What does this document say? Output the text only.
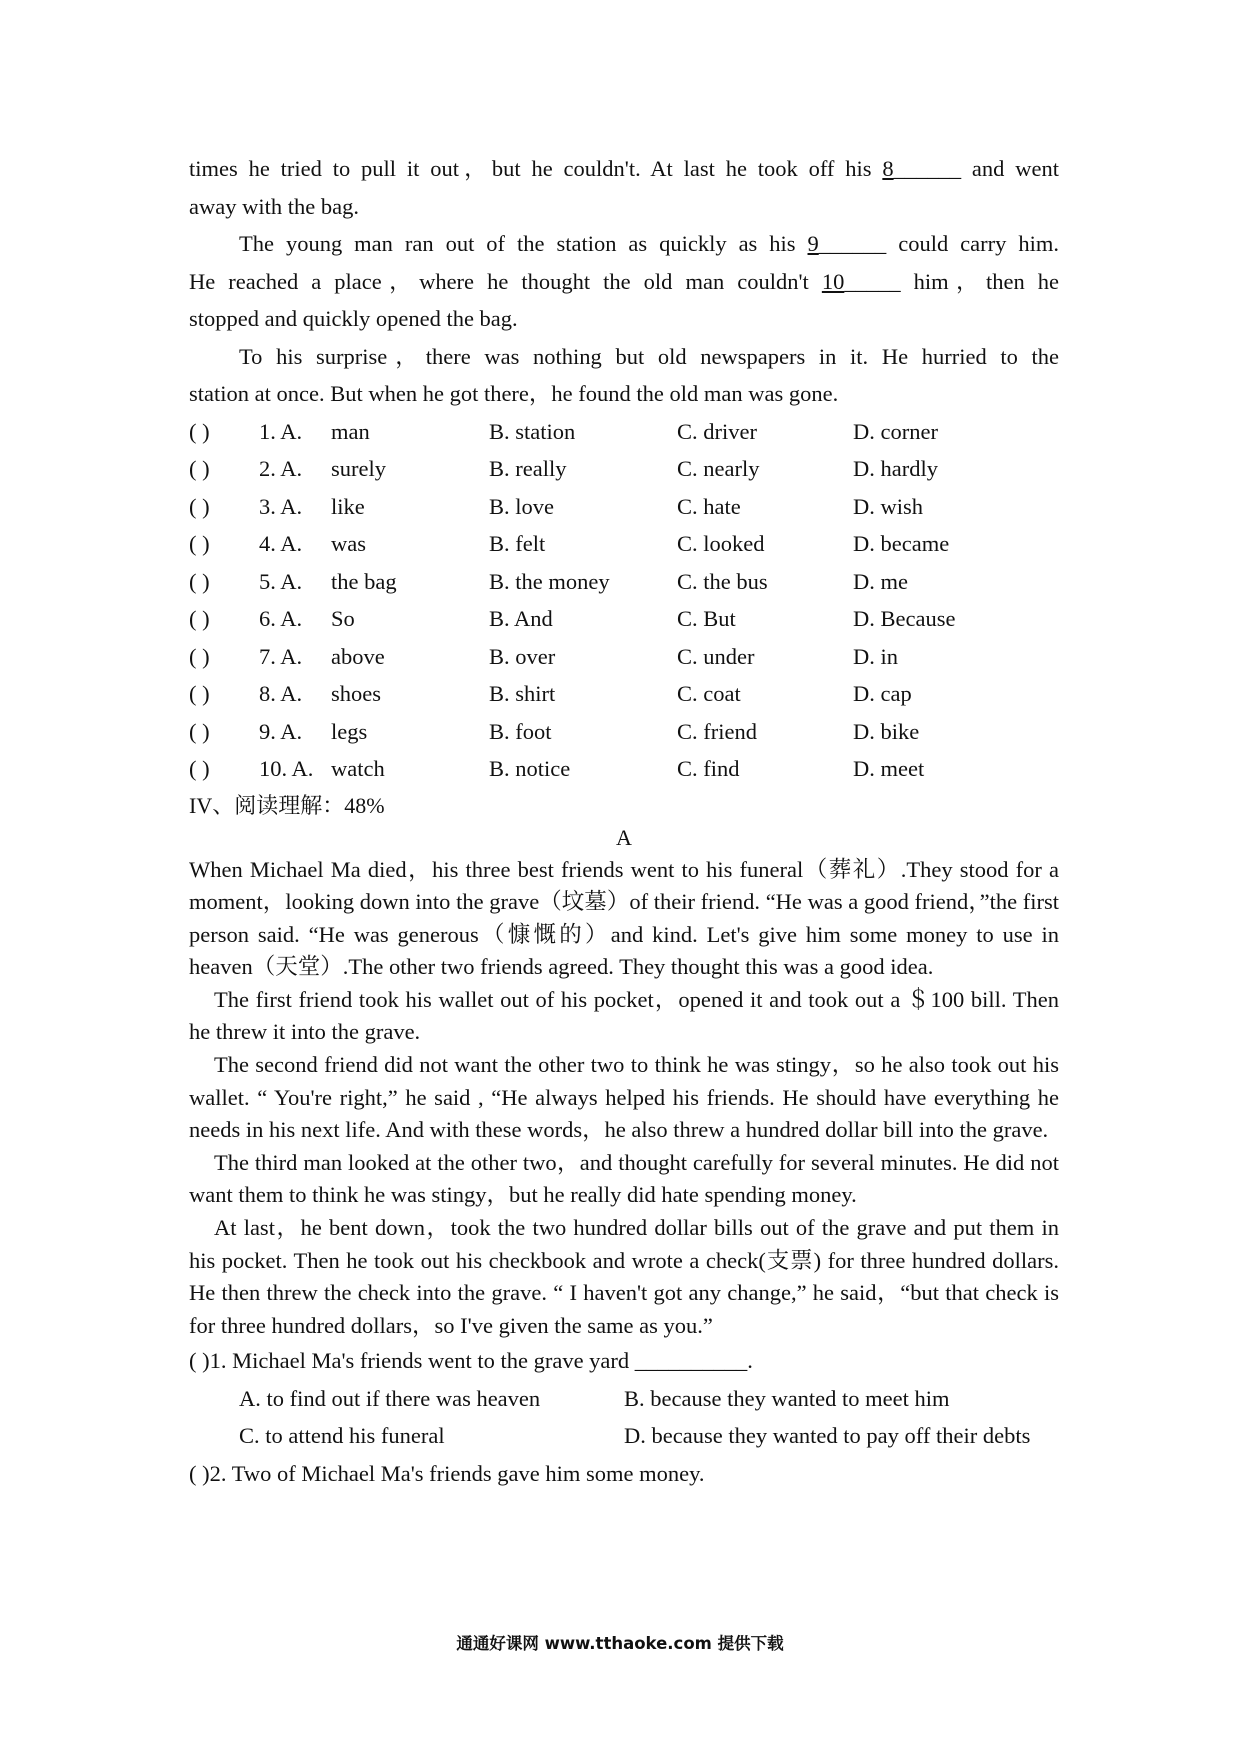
times he tried to pull it out，but he couldn't. At last he took off his 8______ and went
away with the bag.
The young man ran out of the station as quickly as his 9______ could carry him.
He reached a place，where he thought the old man couldn't 10_____ him，then he
stopped and quickly opened the bag.
To his surprise，there was nothing but old newspapers in it. He hurried to the
station at once. But when he got there，he found the old man was gone.
( )	1. A.	man	B. station	C. driver	D. corner
( )	2. A.	surely	B. really	C. nearly	D. hardly
( )	3. A.	like	B. love	C. hate	D. wish
( )	4. A.	was	B. felt	C. looked	D. became
( )	5. A.	the bag	B. the money	C. the bus	D. me
( )	6. A.	So	B. And	C. But	D. Because
( )	7. A.	above	B. over	C. under	D. in
( )	8. A.	shoes	B. shirt	C. coat	D. cap
( )	9. A.	legs	B. foot	C. friend	D. bike
( )	10. A. watch	B. notice	C. find	D. meet
IV、阅读理解：48%
A
When Michael Ma died，his three best friends went to his funeral（葬礼）.They stood for a moment，looking down into the grave（坟墓）of their friend. “He was a good friend，”the first person said. “He was generous（慷慨的）and kind. Let's give him some money to use in heaven（天堂）.The other two friends agreed. They thought this was a good idea.
The first friend took his wallet out of his pocket，opened it and took out a ＄100 bill. Then he threw it into the grave.
The second friend did not want the other two to think he was stingy，so he also took out his wallet. “ You're right,” he said , “He always helped his friends. He should have everything he needs in his next life. And with these words，he also threw a hundred dollar bill into the grave.
The third man looked at the other two，and thought carefully for several minutes. He did not want them to think he was stingy，but he really did hate spending money.
At last，he bent down，took the two hundred dollar bills out of the grave and put them in his pocket. Then he took out his checkbook and wrote a check(支票) for three hundred dollars. He then threw the check into the grave. “ I haven't got any change,” he said，“but that check is for three hundred dollars，so I've given the same as you.”
( )1. Michael Ma's friends went to the grave yard __________.
A. to find out if there was heaven	B. because they wanted to meet him
C. to attend his funeral	D. because they wanted to pay off their debts
( )2. Two of Michael Ma's friends gave him some money.
通通好课网 www.tthaoke.com 提供下载
